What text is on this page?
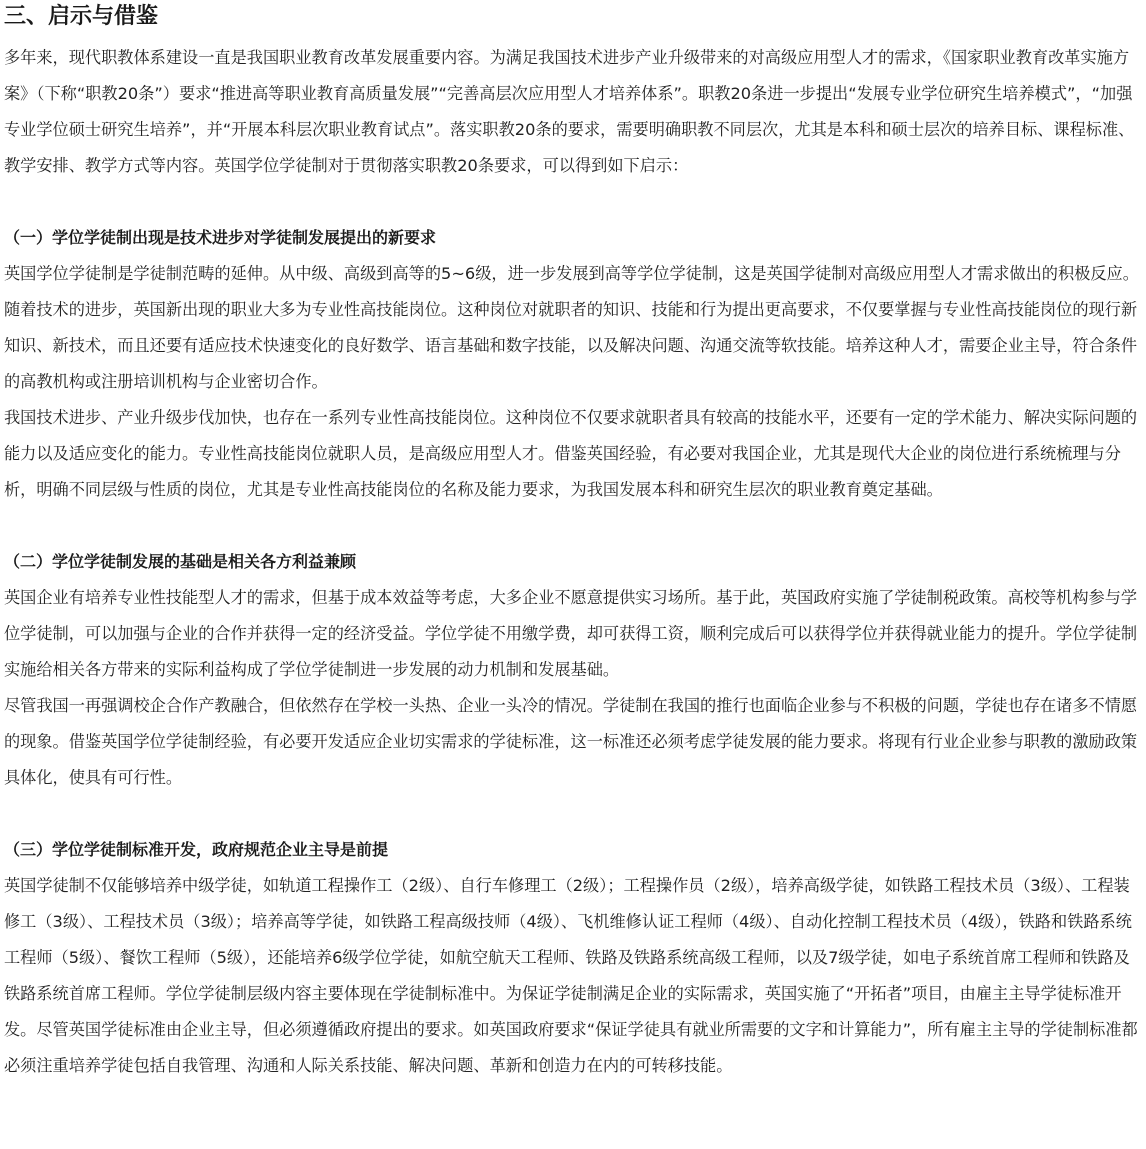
三、启示与借鉴

多年来，现代职教体系建设一直是我国职业教育改革发展重要内容。为满足我国技术进步产业升级带来的对高级应用型人才的需求，《国家职业教育改革实施方案》（下称“职教20条”）要求“推进高等职业教育高质量发展”“完善高层次应用型人才培养体系”。职教20条进一步提出“发展专业学位研究生培养模式”，“加强专业学位硕士研究生培养”，并“开展本科层次职业教育试点”。落实职教20条的要求，需要明确职教不同层次，尤其是本科和硕士层次的培养目标、课程标准、教学安排、教学方式等内容。英国学位学徒制对于贯彻落实职教20条要求，可以得到如下启示：

（一）学位学徒制出现是技术进步对学徒制发展提出的新要求

英国学位学徒制是学徒制范畴的延伸。从中级、高级到高等的5~6级，进一步发展到高等学位学徒制，这是英国学徒制对高级应用型人才需求做出的积极反应。随着技术的进步，英国新出现的职业大多为专业性高技能岗位。这种岗位对就职者的知识、技能和行为提出更高要求，不仅要掌握与专业性高技能岗位的现行新知识、新技术，而且还要有适应技术快速变化的良好数学、语言基础和数字技能，以及解决问题、沟通交流等软技能。培养这种人才，需要企业主导，符合条件的高教机构或注册培训机构与企业密切合作。

我国技术进步、产业升级步伐加快，也存在一系列专业性高技能岗位。这种岗位不仅要求就职者具有较高的技能水平，还要有一定的学术能力、解决实际问题的能力以及适应变化的能力。专业性高技能岗位就职人员，是高级应用型人才。借鉴英国经验，有必要对我国企业，尤其是现代大企业的岗位进行系统梳理与分析，明确不同层级与性质的岗位，尤其是专业性高技能岗位的名称及能力要求，为我国发展本科和研究生层次的职业教育奠定基础。

（二）学位学徒制发展的基础是相关各方利益兼顾

英国企业有培养专业性技能型人才的需求，但基于成本效益等考虑，大多企业不愿意提供实习场所。基于此，英国政府实施了学徒制税政策。高校等机构参与学位学徒制，可以加强与企业的合作并获得一定的经济受益。学位学徒不用缴学费，却可获得工资，顺利完成后可以获得学位并获得就业能力的提升。学位学徒制实施给相关各方带来的实际利益构成了学位学徒制进一步发展的动力机制和发展基础。

尽管我国一再强调校企合作产教融合，但依然存在学校一头热、企业一头冷的情况。学徒制在我国的推行也面临企业参与不积极的问题，学徒也存在诸多不情愿的现象。借鉴英国学位学徒制经验，有必要开发适应企业切实需求的学徒标准，这一标准还必须考虑学徒发展的能力要求。将现有行业企业参与职教的激励政策具体化，使具有可行性。

（三）学位学徒制标准开发，政府规范企业主导是前提

英国学徒制不仅能够培养中级学徒，如轨道工程操作工（2级）、自行车修理工（2级）；工程操作员（2级），培养高级学徒，如铁路工程技术员（3级）、工程装修工（3级）、工程技术员（3级）；培养高等学徒，如铁路工程高级技师（4级）、飞机维修认证工程师（4级）、自动化控制工程技术员（4级），铁路和铁路系统工程师（5级）、餐饮工程师（5级），还能培养6级学位学徒，如航空航天工程师、铁路及铁路系统高级工程师，以及7级学徒，如电子系统首席工程师和铁路及铁路系统首席工程师。学位学徒制层级内容主要体现在学徒制标准中。为保证学徒制满足企业的实际需求，英国实施了“开拓者”项目，由雇主主导学徒标准开发。尽管英国学徒标准由企业主导，但必须遵循政府提出的要求。如英国政府要求“保证学徒具有就业所需要的文字和计算能力”，所有雇主主导的学徒制标准都必须注重培养学徒包括自我管理、沟通和人际关系技能、解决问题、革新和创造力在内的可转移技能。
